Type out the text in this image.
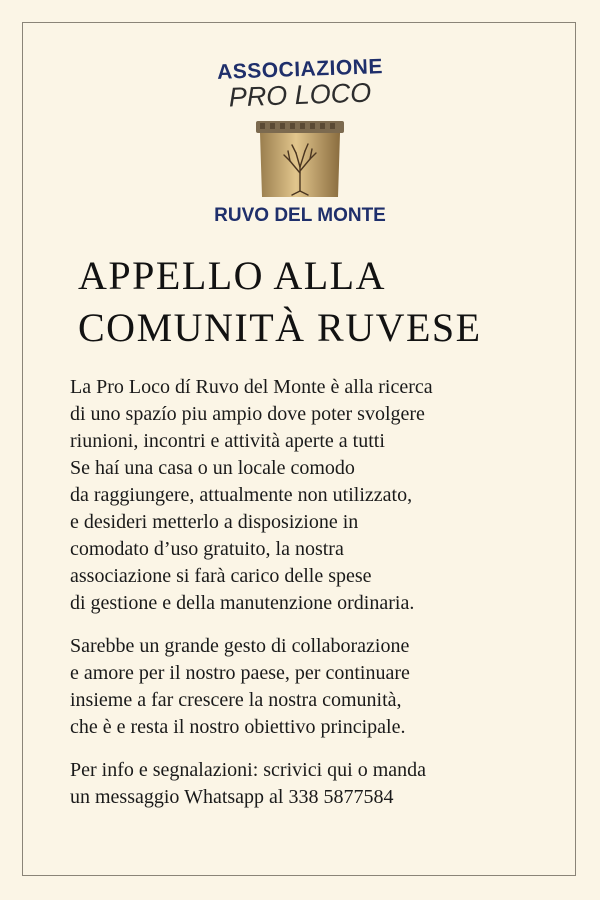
ASSOCIAZIONE
PRO LOCO
RUVO DEL MONTE
APPELLO ALLA
COMUNITÀ RUVESE
La Pro Loco dí Ruvo del Monte è alla ricerca
di uno spazío piu ampio dove poter svolgere
riunioni, incontri e attività aperte a tutti
Se haí una casa o un locale comodo
da raggiungere, attualmente non utilizzato,
e desideri metterlo a disposizione in
comodato d’uso gratuito, la nostra
associazione si farà carico delle spese
di gestione e della manutenzione ordinaria.
Sarebbe un grande gesto di collaborazione
e amore per il nostro paese, per continuare
insieme a far crescere la nostra comunità,
che è e resta il nostro obiettivo principale.
Per info e segnalazioni: scrivici qui o manda
un messaggio Whatsapp al 338 5877584
